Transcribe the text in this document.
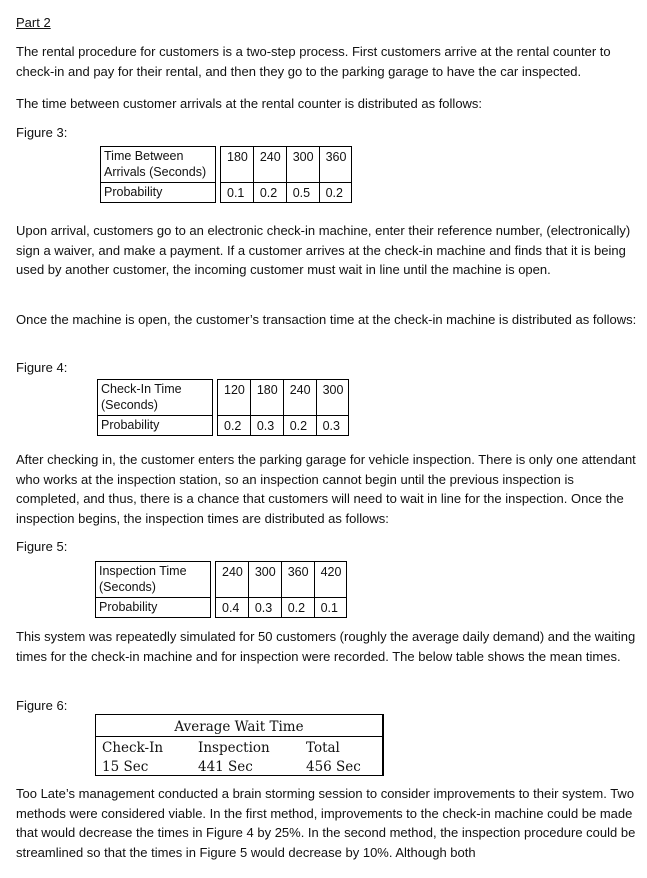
Part 2

The rental procedure for customers is a two-step process. First customers arrive at the rental counter to check-in and pay for their rental, and then they go to the parking garage to have the car inspected.

The time between customer arrivals at the rental counter is distributed as follows:

Figure 3:

Time Between Arrivals (Seconds)		180	240	300	360
Probability		0.1	0.2	0.5	0.2

Upon arrival, customers go to an electronic check-in machine, enter their reference number, (electronically) sign a waiver, and make a payment. If a customer arrives at the check-in machine and finds that it is being used by another customer, the incoming customer must wait in line until the machine is open.

Once the machine is open, the customer’s transaction time at the check-in machine is distributed as follows:

Figure 4:

Check-In Time (Seconds)		120	180	240	300
Probability		0.2	0.3	0.2	0.3

After checking in, the customer enters the parking garage for vehicle inspection. There is only one attendant who works at the inspection station, so an inspection cannot begin until the previous inspection is completed, and thus, there is a chance that customers will need to wait in line for the inspection. Once the inspection begins, the inspection times are distributed as follows:

Figure 5:

Inspection Time (Seconds)		240	300	360	420
Probability		0.4	0.3	0.2	0.1

This system was repeatedly simulated for 50 customers (roughly the average daily demand) and the waiting times for the check-in machine and for inspection were recorded. The below table shows the mean times.

Figure 6:

Average Wait Time
Check-In	Inspection	Total
15 Sec	441 Sec	456 Sec

Too Late’s management conducted a brain storming session to consider improvements to their system. Two methods were considered viable. In the first method, improvements to the check-in machine could be made that would decrease the times in Figure 4 by 25%. In the second method, the inspection procedure could be streamlined so that the times in Figure 5 would decrease by 10%. Although both
